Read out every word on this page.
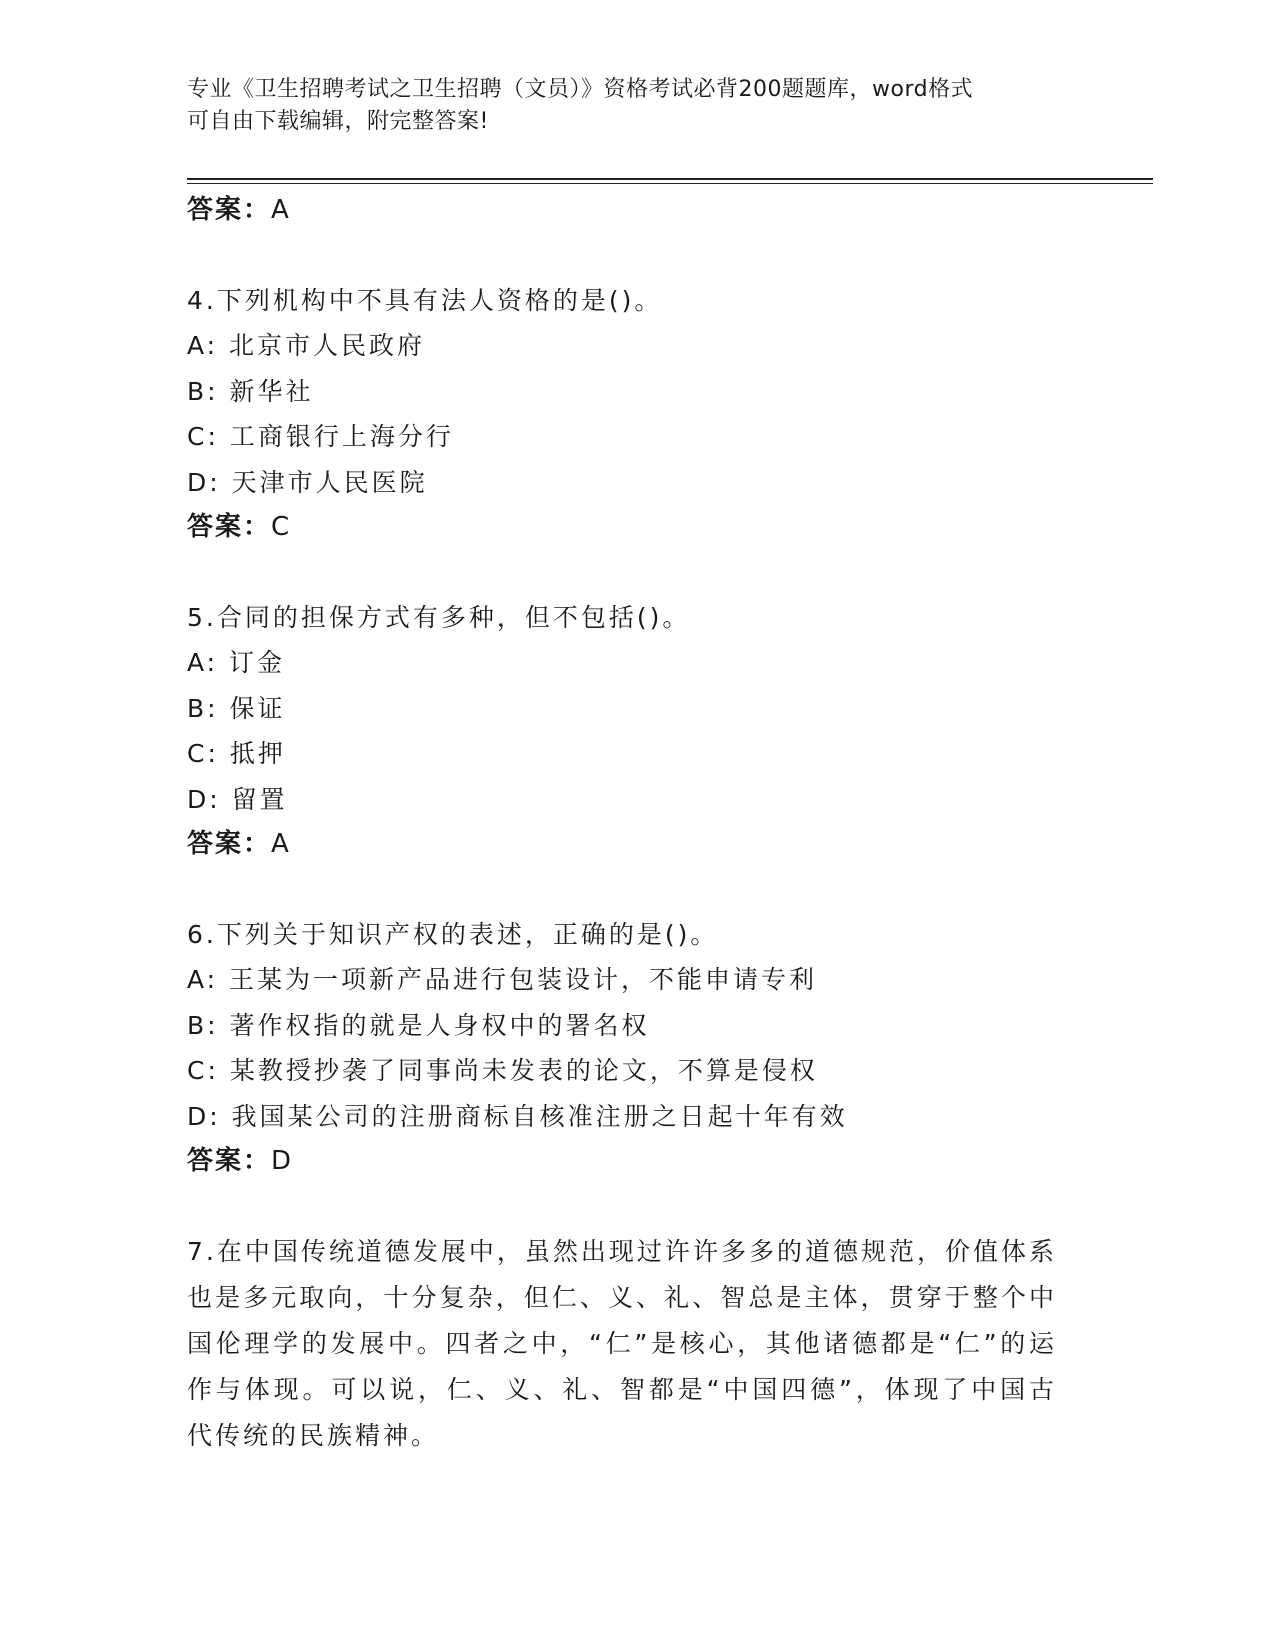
专业《卫生招聘考试之卫生招聘（文员）》资格考试必背200题题库，word格式
可自由下载编辑，附完整答案!
答案：A
4.下列机构中不具有法人资格的是()。
A: 北京市人民政府
B: 新华社
C: 工商银行上海分行
D: 天津市人民医院
答案：C
5.合同的担保方式有多种，但不包括()。
A: 订金
B: 保证
C: 抵押
D: 留置
答案：A
6.下列关于知识产权的表述，正确的是()。
A: 王某为一项新产品进行包装设计，不能申请专利
B: 著作权指的就是人身权中的署名权
C: 某教授抄袭了同事尚未发表的论文，不算是侵权
D: 我国某公司的注册商标自核准注册之日起十年有效
答案：D
7.在中国传统道德发展中，虽然出现过许许多多的道德规范，价值体系也是多元取向，十分复杂，但仁、义、礼、智总是主体，贯穿于整个中国伦理学的发展中。四者之中，“仁”是核心，其他诸德都是“仁”的运作与体现。可以说，仁、义、礼、智都是“中国四德”，体现了中国古代传统的民族精神。
